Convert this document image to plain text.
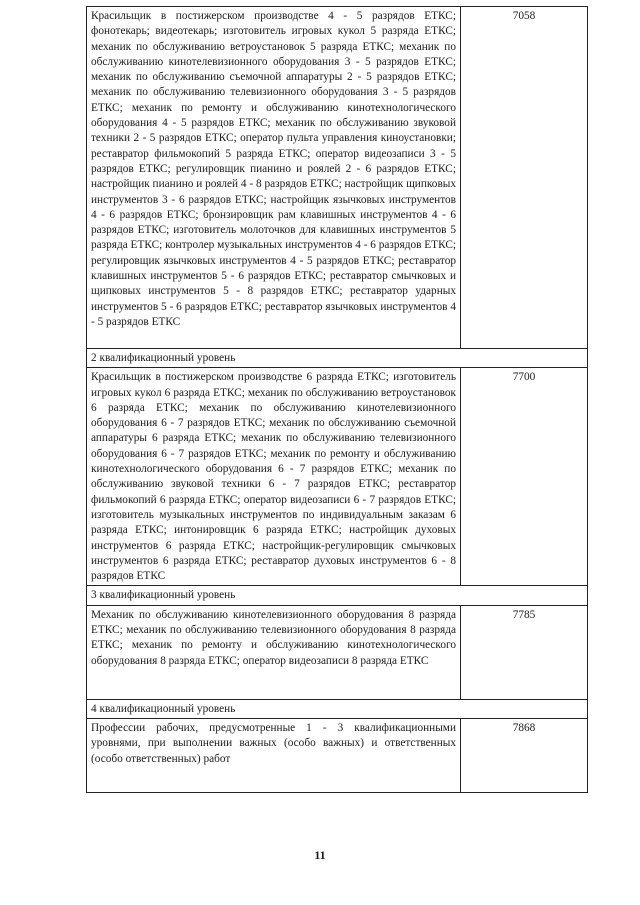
Красильщик в постижерском производстве 4 - 5 разрядов ЕТКС; фонотекарь; видеотекарь; изготовитель игровых кукол 5 разряда ЕТКС; механик по обслуживанию ветроустановок 5 разряда ЕТКС; механик по обслуживанию кинотелевизионного оборудования 3 - 5 разрядов ЕТКС; механик по обслуживанию съемочной аппаратуры 2 - 5 разрядов ЕТКС; механик по обслуживанию телевизионного оборудования 3 - 5 разрядов ЕТКС; механик по ремонту и обслуживанию кинотехнологического оборудования 4 - 5 разрядов ЕТКС; механик по обслуживанию звуковой техники 2 - 5 разрядов ЕТКС; оператор пульта управления киноустановки; реставратор фильмокопий 5 разряда ЕТКС; оператор видеозаписи 3 - 5 разрядов ЕТКС; регулировщик пианино и роялей 2 - 6 разрядов ЕТКС; настройщик пианино и роялей 4 - 8 разрядов ЕТКС; настройщик щипковых инструментов 3 - 6 разрядов ЕТКС; настройщик язычковых инструментов 4 - 6 разрядов ЕТКС; бронзировщик рам клавишных инструментов 4 - 6 разрядов ЕТКС; изготовитель молоточков для клавишных инструментов 5 разряда ЕТКС; контролер музыкальных инструментов 4 - 6 разрядов ЕТКС; регулировщик язычковых инструментов 4 - 5 разрядов ЕТКС; реставратор клавишных инструментов 5 - 6 разрядов ЕТКС; реставратор смычковых и щипковых инструментов 5 - 8 разрядов ЕТКС; реставратор ударных инструментов 5 - 6 разрядов ЕТКС; реставратор язычковых инструментов 4 - 5 разрядов ЕТКС	7058
2 квалификационный уровень	
Красильщик в постижерском производстве 6 разряда ЕТКС; изготовитель игровых кукол 6 разряда ЕТКС; механик по обслуживанию ветроустановок 6 разряда ЕТКС; механик по обслуживанию кинотелевизионного оборудования 6 - 7 разрядов ЕТКС; механик по обслуживанию съемочной аппаратуры 6 разряда ЕТКС; механик по обслуживанию телевизионного оборудования 6 - 7 разрядов ЕТКС; механик по ремонту и обслуживанию кинотехнологического оборудования 6 - 7 разрядов ЕТКС; механик по обслуживанию звуковой техники 6 - 7 разрядов ЕТКС; реставратор фильмокопий 6 разряда ЕТКС; оператор видеозаписи 6 - 7 разрядов ЕТКС; изготовитель музыкальных инструментов по индивидуальным заказам 6 разряда ЕТКС; интонировщик 6 разряда ЕТКС; настройщик духовых инструментов 6 разряда ЕТКС; настройщик-регулировщик смычковых инструментов 6 разряда ЕТКС; реставратор духовых инструментов 6 - 8 разрядов ЕТКС	7700
3 квалификационный уровень	
Механик по обслуживанию кинотелевизионного оборудования 8 разряда ЕТКС; механик по обслуживанию телевизионного оборудования 8 разряда ЕТКС; механик по ремонту и обслуживанию кинотехнологического оборудования 8 разряда ЕТКС; оператор видеозаписи 8 разряда ЕТКС	7785
4 квалификационный уровень	
Профессии рабочих, предусмотренные 1 - 3 квалификационными уровнями, при выполнении важных (особо важных) и ответственных (особо ответственных) работ	7868
11
